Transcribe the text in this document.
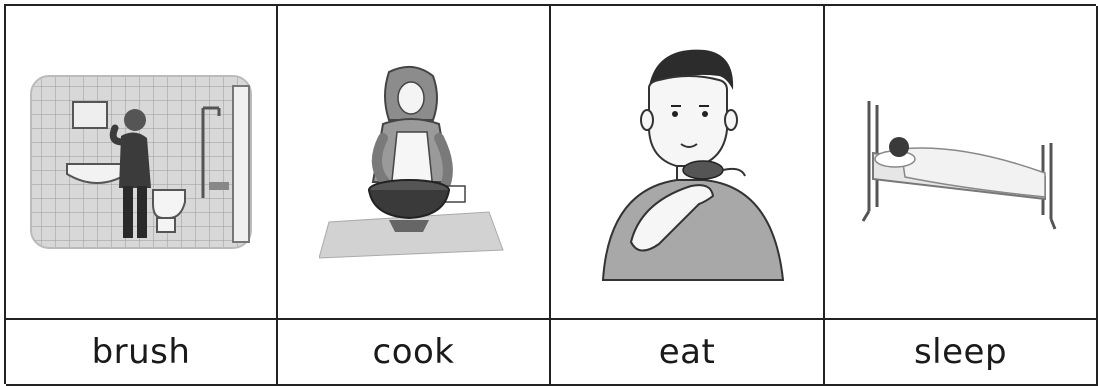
brush	cook	eat	sleep
